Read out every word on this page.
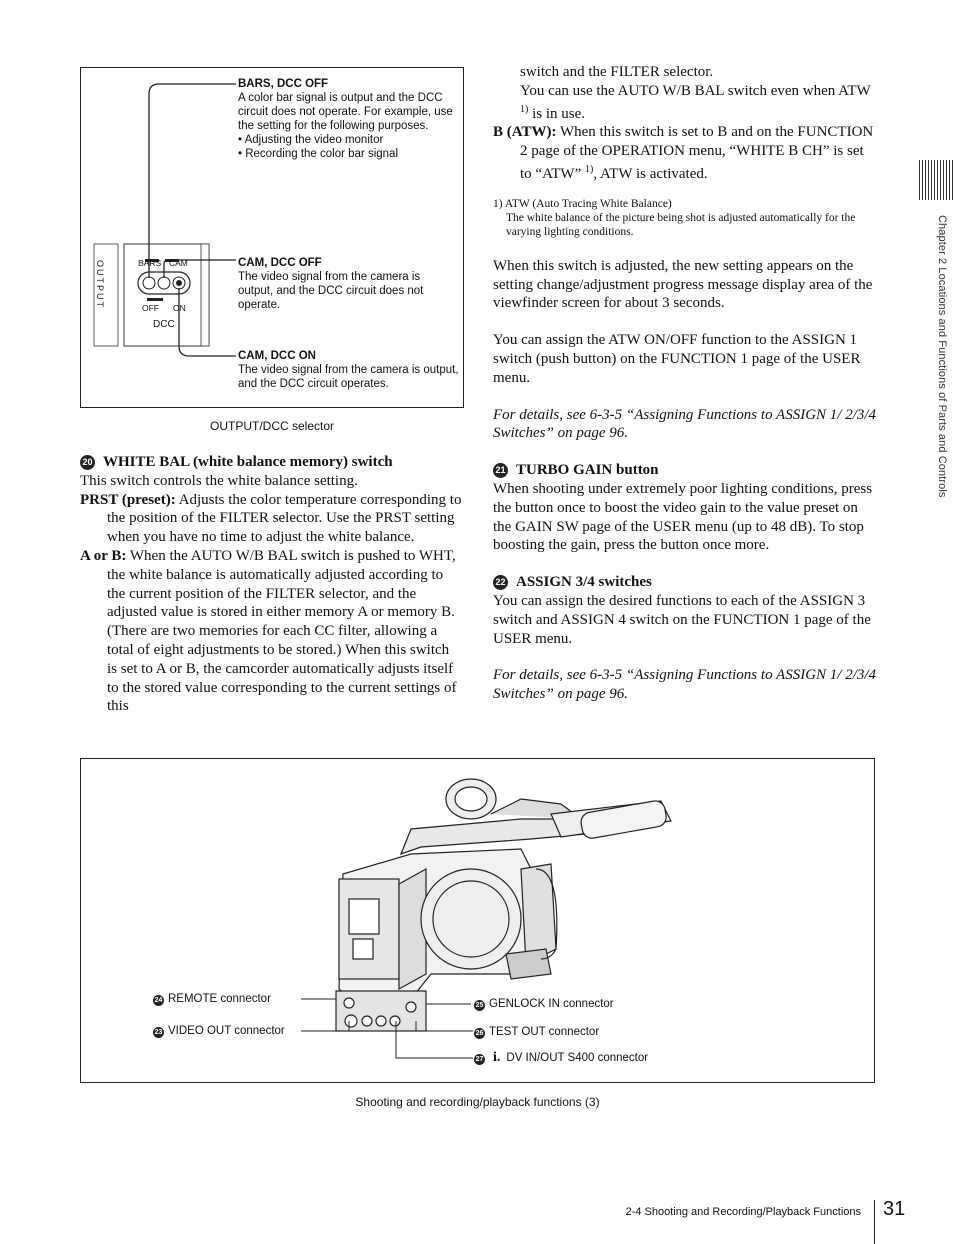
OUTPUT	BARS CAM
OFF ON
DCC
BARS, DCC OFF
A color bar signal is output and the DCC circuit does not operate. For example, use the setting for the following purposes.
• Adjusting the video monitor
• Recording the color bar signal
CAM, DCC OFF
The video signal from the camera is output, and the DCC circuit does not operate.
CAM, DCC ON
The video signal from the camera is output, and the DCC circuit operates.
OUTPUT/DCC selector
20 WHITE BAL (white balance memory) switch
This switch controls the white balance setting.
PRST (preset): Adjusts the color temperature corresponding to the position of the FILTER selector. Use the PRST setting when you have no time to adjust the white balance.
A or B: When the AUTO W/B BAL switch is pushed to WHT, the white balance is automatically adjusted according to the current position of the FILTER selector, and the adjusted value is stored in either memory A or memory B. (There are two memories for each CC filter, allowing a total of eight adjustments to be stored.) When this switch is set to A or B, the camcorder automatically adjusts itself to the stored value corresponding to the current settings of this
switch and the FILTER selector.
You can use the AUTO W/B BAL switch even when ATW $^{1)}$ is in use.
B (ATW): When this switch is set to B and on the FUNCTION 2 page of the OPERATION menu, “WHITE B CH” is set to “ATW” $^{1)}$, ATW is activated.
1) ATW (Auto Tracing White Balance)
The white balance of the picture being shot is adjusted automatically for the varying lighting conditions.
When this switch is adjusted, the new setting appears on the setting change/adjustment progress message display area of the viewfinder screen for about 3 seconds.
You can assign the ATW ON/OFF function to the ASSIGN 1 switch (push button) on the FUNCTION 1 page of the USER menu.
For details, see 6-3-5 “Assigning Functions to ASSIGN 1/ 2/3/4 Switches” on page 96.
21 TURBO GAIN button
When shooting under extremely poor lighting conditions, press the button once to boost the video gain to the value preset on the GAIN SW page of the USER menu (up to 48 dB). To stop boosting the gain, press the button once more.
22 ASSIGN 3/4 switches
You can assign the desired functions to each of the ASSIGN 3 switch and ASSIGN 4 switch on the FUNCTION 1 page of the USER menu.
For details, see 6-3-5 “Assigning Functions to ASSIGN 1/ 2/3/4 Switches” on page 96.
24 REMOTE connector
23 VIDEO OUT connector
25 GENLOCK IN connector
26 TEST OUT connector
27 i. DV IN/OUT S400 connector
Shooting and recording/playback functions (3)
Chapter 2 Locations and Functions of Parts and Controls
2-4 Shooting and Recording/Playback Functions 31
